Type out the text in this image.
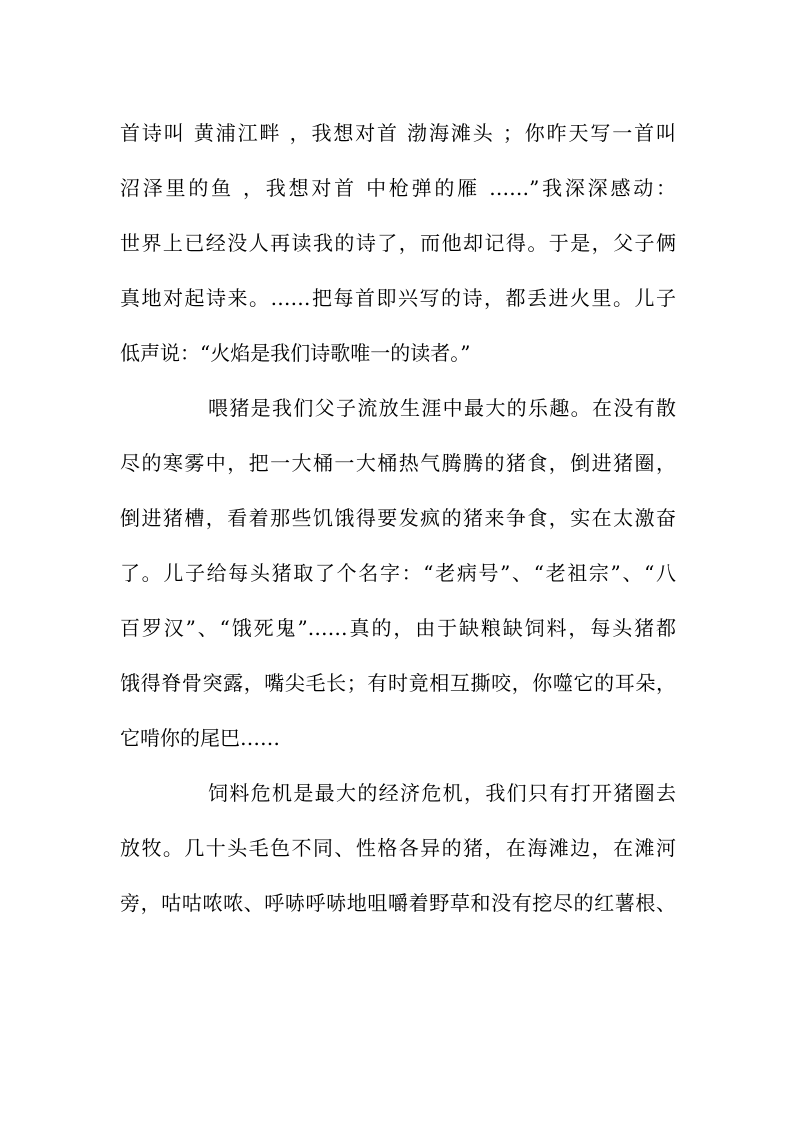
首诗叫 黄浦江畔 ，我想对首 渤海滩头 ；你昨天写一首叫
沼泽里的鱼 ，我想对首 中枪弹的雁 ……”我深深感动：
世界上已经没人再读我的诗了，而他却记得。于是，父子俩
真地对起诗来。……把每首即兴写的诗，都丢进火里。儿子
低声说：“火焰是我们诗歌唯一的读者。”
喂猪是我们父子流放生涯中最大的乐趣。在没有散
尽的寒雾中，把一大桶一大桶热气腾腾的猪食，倒进猪圈，
倒进猪槽，看着那些饥饿得要发疯的猪来争食，实在太激奋
了。儿子给每头猪取了个名字：“老病号”、“老祖宗”、“八
百罗汉”、“饿死鬼”……真的，由于缺粮缺饲料，每头猪都
饿得脊骨突露，嘴尖毛长；有时竟相互撕咬，你噬它的耳朵，
它啃你的尾巴……
饲料危机是最大的经济危机，我们只有打开猪圈去
放牧。几十头毛色不同、性格各异的猪，在海滩边，在滩河
旁，咕咕哝哝、呼哧呼哧地咀嚼着野草和没有挖尽的红薯根、
